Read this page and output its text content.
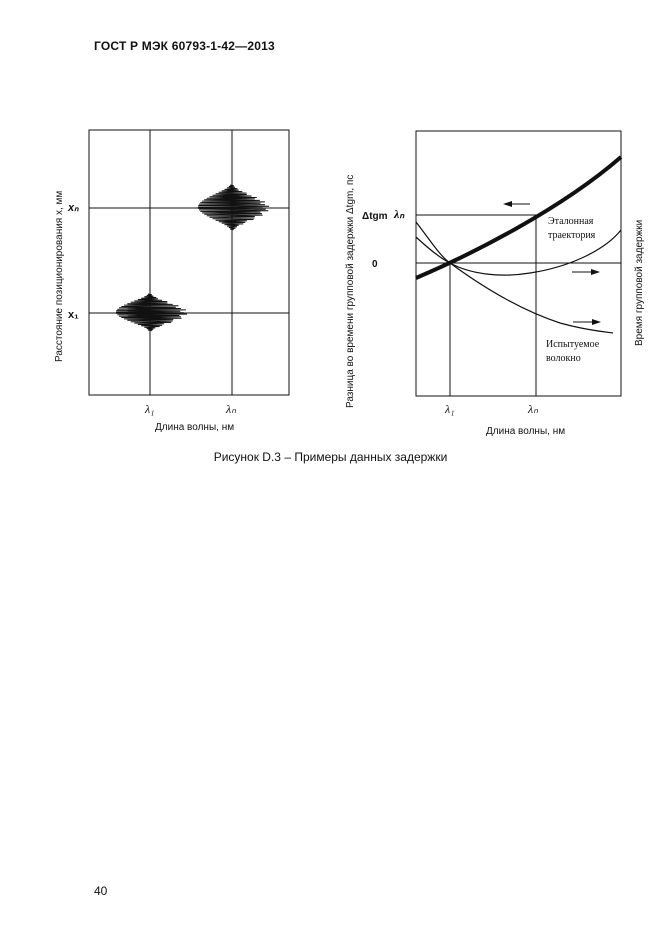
ГОСТ Р МЭК 60793-1-42—2013
xₙ
x₁
λ₁	λₙ
Длина волны, нм
Расстояние позиционирования x, мм	Δtgm λₙ
0
λ₁	λₙ
Эталонная
траектория
Испытуемое
волокно
Длина волны, нм
Разница во времени групповой задержки Δtgm, пс	Время групповой задержки
Рисунок D.3 – Примеры данных задержки
40
